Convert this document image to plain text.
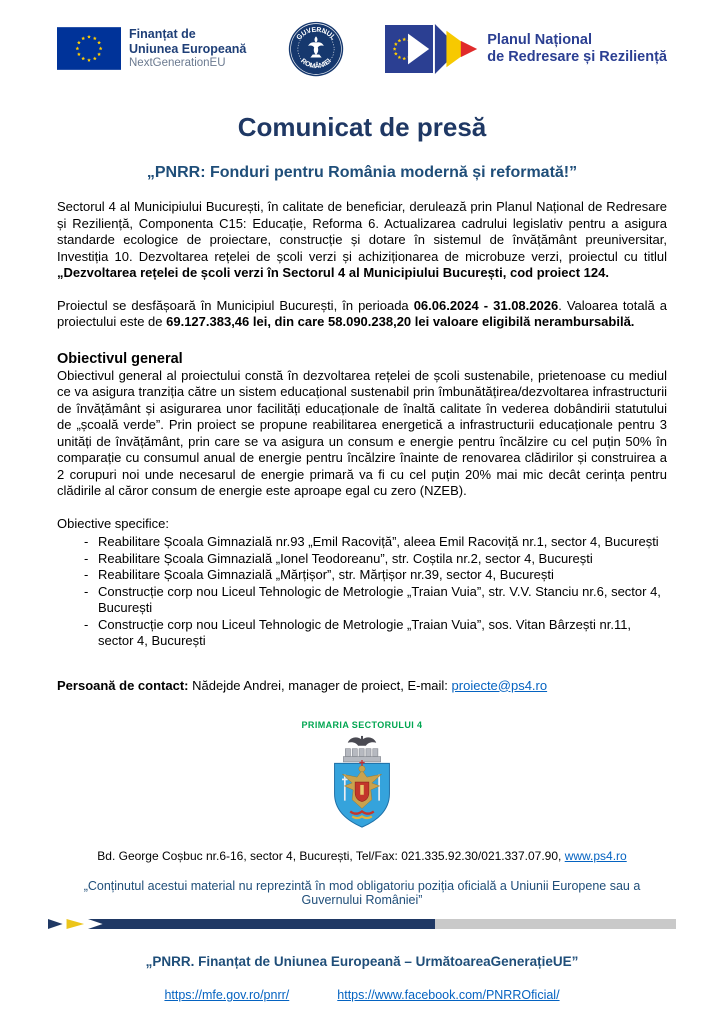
Finanțat de
Uniunea Europeană
NextGenerationEU
GUVERNUL
ROMÂNIEI
Planul Național
de Redresare și Reziliență
Comunicat de presă
„PNRR: Fonduri pentru România modernă și reformată!”

Sectorul 4 al Municipiului București, în calitate de beneficiar, derulează prin Planul Național de Redresare și Reziliență, Componenta C15: Educație, Reforma 6. Actualizarea cadrului legislativ pentru a asigura standarde ecologice de proiectare, construcție și dotare în sistemul de învățământ preuniversitar, Investiția 10. Dezvoltarea rețelei de școli verzi și achiziționarea de microbuze verzi, proiectul cu titlul „Dezvoltarea rețelei de școli verzi în Sectorul 4 al Municipiului București, cod proiect 124.

Proiectul se desfășoară în Municipiul București, în perioada 06.06.2024 - 31.08.2026. Valoarea totală a proiectului este de 69.127.383,46 lei, din care 58.090.238,20 lei valoare eligibilă nerambursabilă.

Obiectivul general

Obiectivul general al proiectului constă în dezvoltarea rețelei de școli sustenabile, prietenoase cu mediul ce va asigura tranziția către un sistem educațional sustenabil prin îmbunătățirea/dezvoltarea infrastructurii de învățământ și asigurarea unor facilități educaționale de înaltă calitate în vederea dobândirii statutului de „școală verde”. Prin proiect se propune reabilitarea energetică a infrastructurii educaționale pentru 3 unități de învățământ, prin care se va asigura un consum e energie pentru încălzire cu cel puțin 50% în comparație cu consumul anual de energie pentru încălzire înainte de renovarea clădirilor și construirea a 2 corupuri noi unde necesarul de energie primară va fi cu cel puțin 20% mai mic decât cerința pentru clădirile al căror consum de energie este aproape egal cu zero (NZEB).

Obiective specifice:

- Reabilitare Școala Gimnazială nr.93 „Emil Racoviță”, aleea Emil Racoviță nr.1, sector 4, București
- Reabilitare Școala Gimnazială „Ionel Teodoreanu”, str. Coștila nr.2, sector 4, București
- Reabilitare Școala Gimnazială „Mărțișor”, str. Mărțișor nr.39, sector 4, București
- Construcție corp nou Liceul Tehnologic de Metrologie „Traian Vuia”, str. V.V. Stanciu nr.6, sector 4, București
- Construcție corp nou Liceul Tehnologic de Metrologie „Traian Vuia”, sos. Vitan Bârzești nr.11, sector 4, București

Persoană de contact: Nădejde Andrei, manager de proiect, E-mail: proiecte@ps4.ro

PRIMARIA SECTORULUI 4
Bd. George Coșbuc nr.6-16, sector 4, București, Tel/Fax: 021.335.92.30/021.337.07.90, www.ps4.ro
„Conținutul acestui material nu reprezintă în mod obligatoriu poziția oficială a Uniunii Europene sau a Guvernului României”
„PNRR. Finanțat de Uniunea Europeană – UrmătoareaGenerațieUE”
https://mfe.gov.ro/pnrr/	https://www.facebook.com/PNRROficial/
